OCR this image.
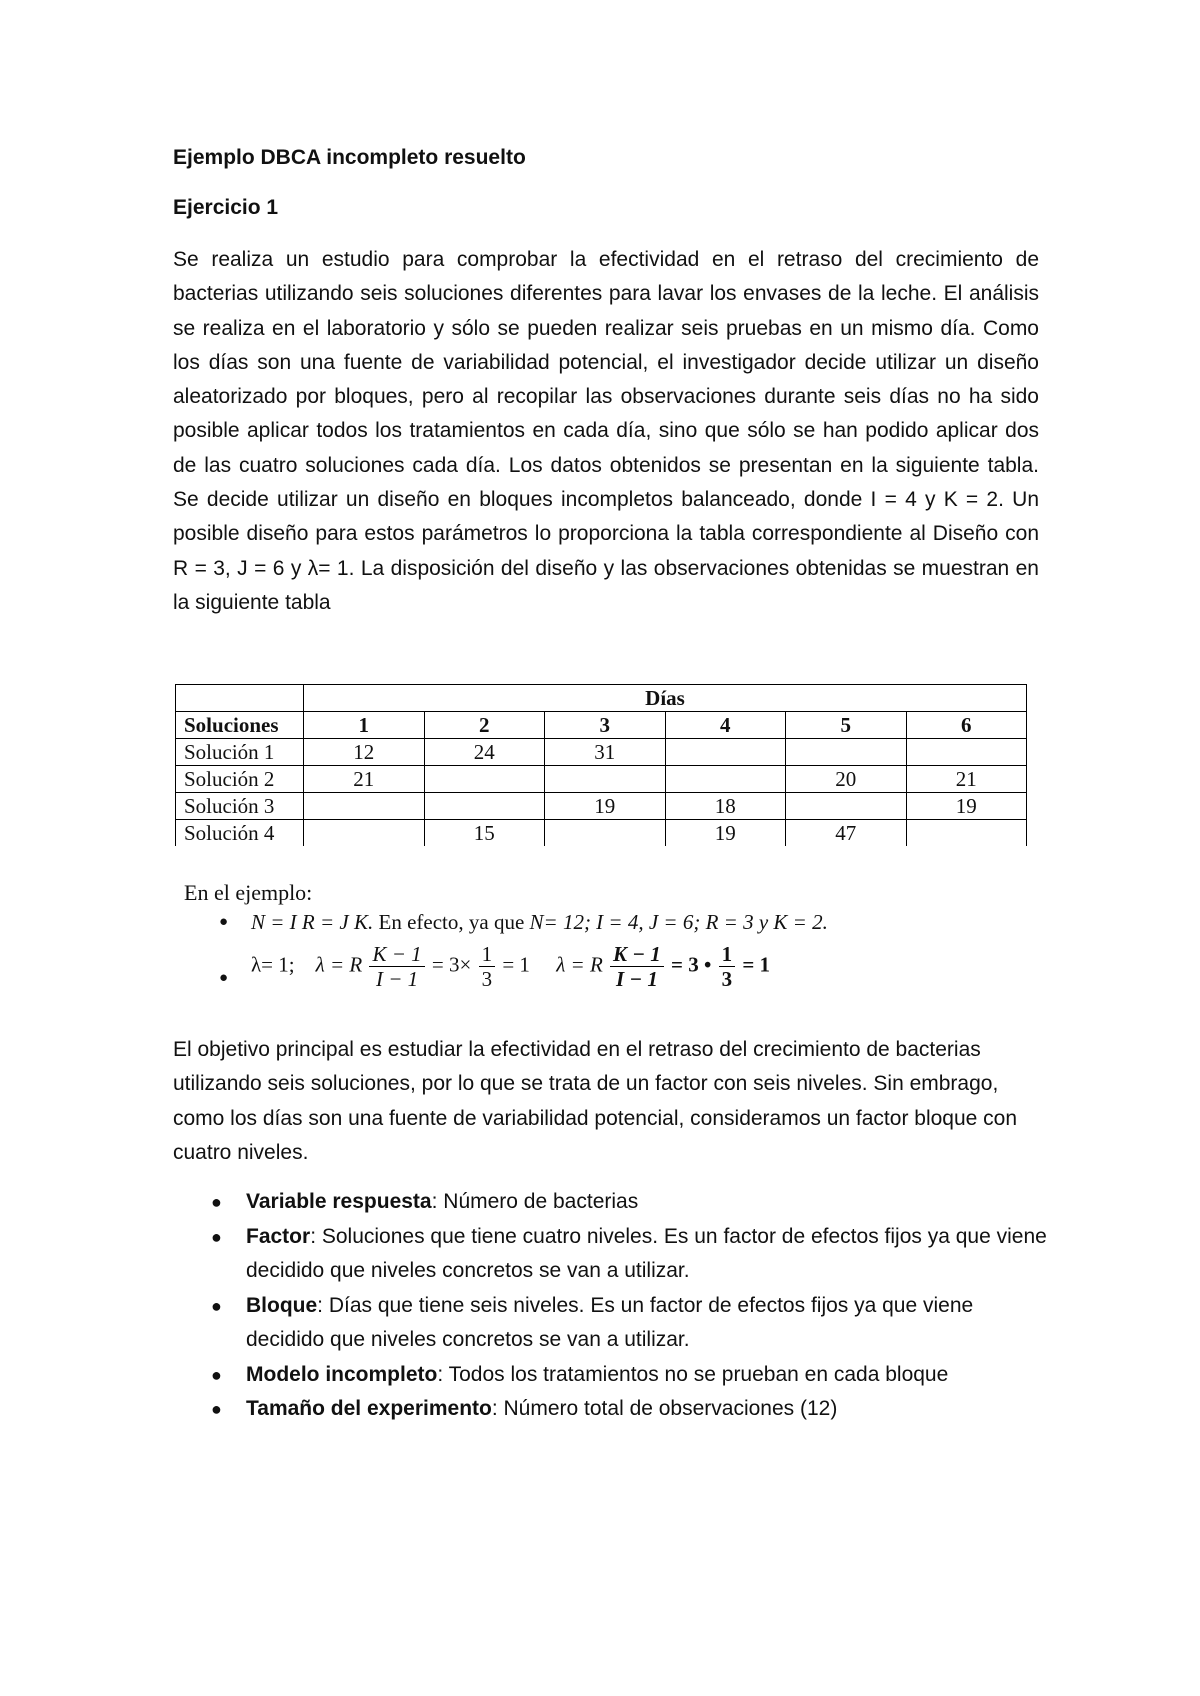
Ejemplo DBCA incompleto resuelto
Ejercicio 1

Se realiza un estudio para comprobar la efectividad en el retraso del crecimiento de bacterias utilizando seis soluciones diferentes para lavar los envases de la leche. El análisis se realiza en el laboratorio y sólo se pueden realizar seis pruebas en un mismo día. Como los días son una fuente de variabilidad potencial, el investigador decide utilizar un diseño aleatorizado por bloques, pero al recopilar las observaciones durante seis días no ha sido posible aplicar todos los tratamientos en cada día, sino que sólo se han podido aplicar dos de las cuatro soluciones cada día. Los datos obtenidos se presentan en la siguiente tabla. Se decide utilizar un diseño en bloques incompletos balanceado, donde I = 4 y K = 2. Un posible diseño para estos parámetros lo proporciona la tabla correspondiente al Diseño con R = 3, J = 6 y λ= 1. La disposición del diseño y las observaciones obtenidas se muestran en la siguiente tabla

	Días					
Soluciones	1	2	3	4	5	6
Solución 1	12	24	31			
Solución 2	21				20	21
Solución 3			19	18		19
Solución 4		15		19	47	
En el ejemplo:
● N = I R = J K. En efecto, ya que N= 12; I = 4, J = 6; R = 3 y K = 2.
●
λ= 1; λ = R $\frac{K - 1}{I - 1} = 3\times \frac{1}{3} = 1$ λ = R $\frac{K - 1}{I - 1} = 3$ • $\frac{1}{3} = 1$

El objetivo principal es estudiar la efectividad en el retraso del crecimiento de bacterias utilizando seis soluciones, por lo que se trata de un factor con seis niveles. Sin embrago, como los días son una fuente de variabilidad potencial, consideramos un factor bloque con cuatro niveles.

● Variable respuesta: Número de bacterias
● Factor: Soluciones que tiene cuatro niveles. Es un factor de efectos fijos ya que viene decidido que niveles concretos se van a utilizar.
● Bloque: Días que tiene seis niveles. Es un factor de efectos fijos ya que viene decidido que niveles concretos se van a utilizar.
● Modelo incompleto: Todos los tratamientos no se prueban en cada bloque
● Tamaño del experimento: Número total de observaciones (12)
